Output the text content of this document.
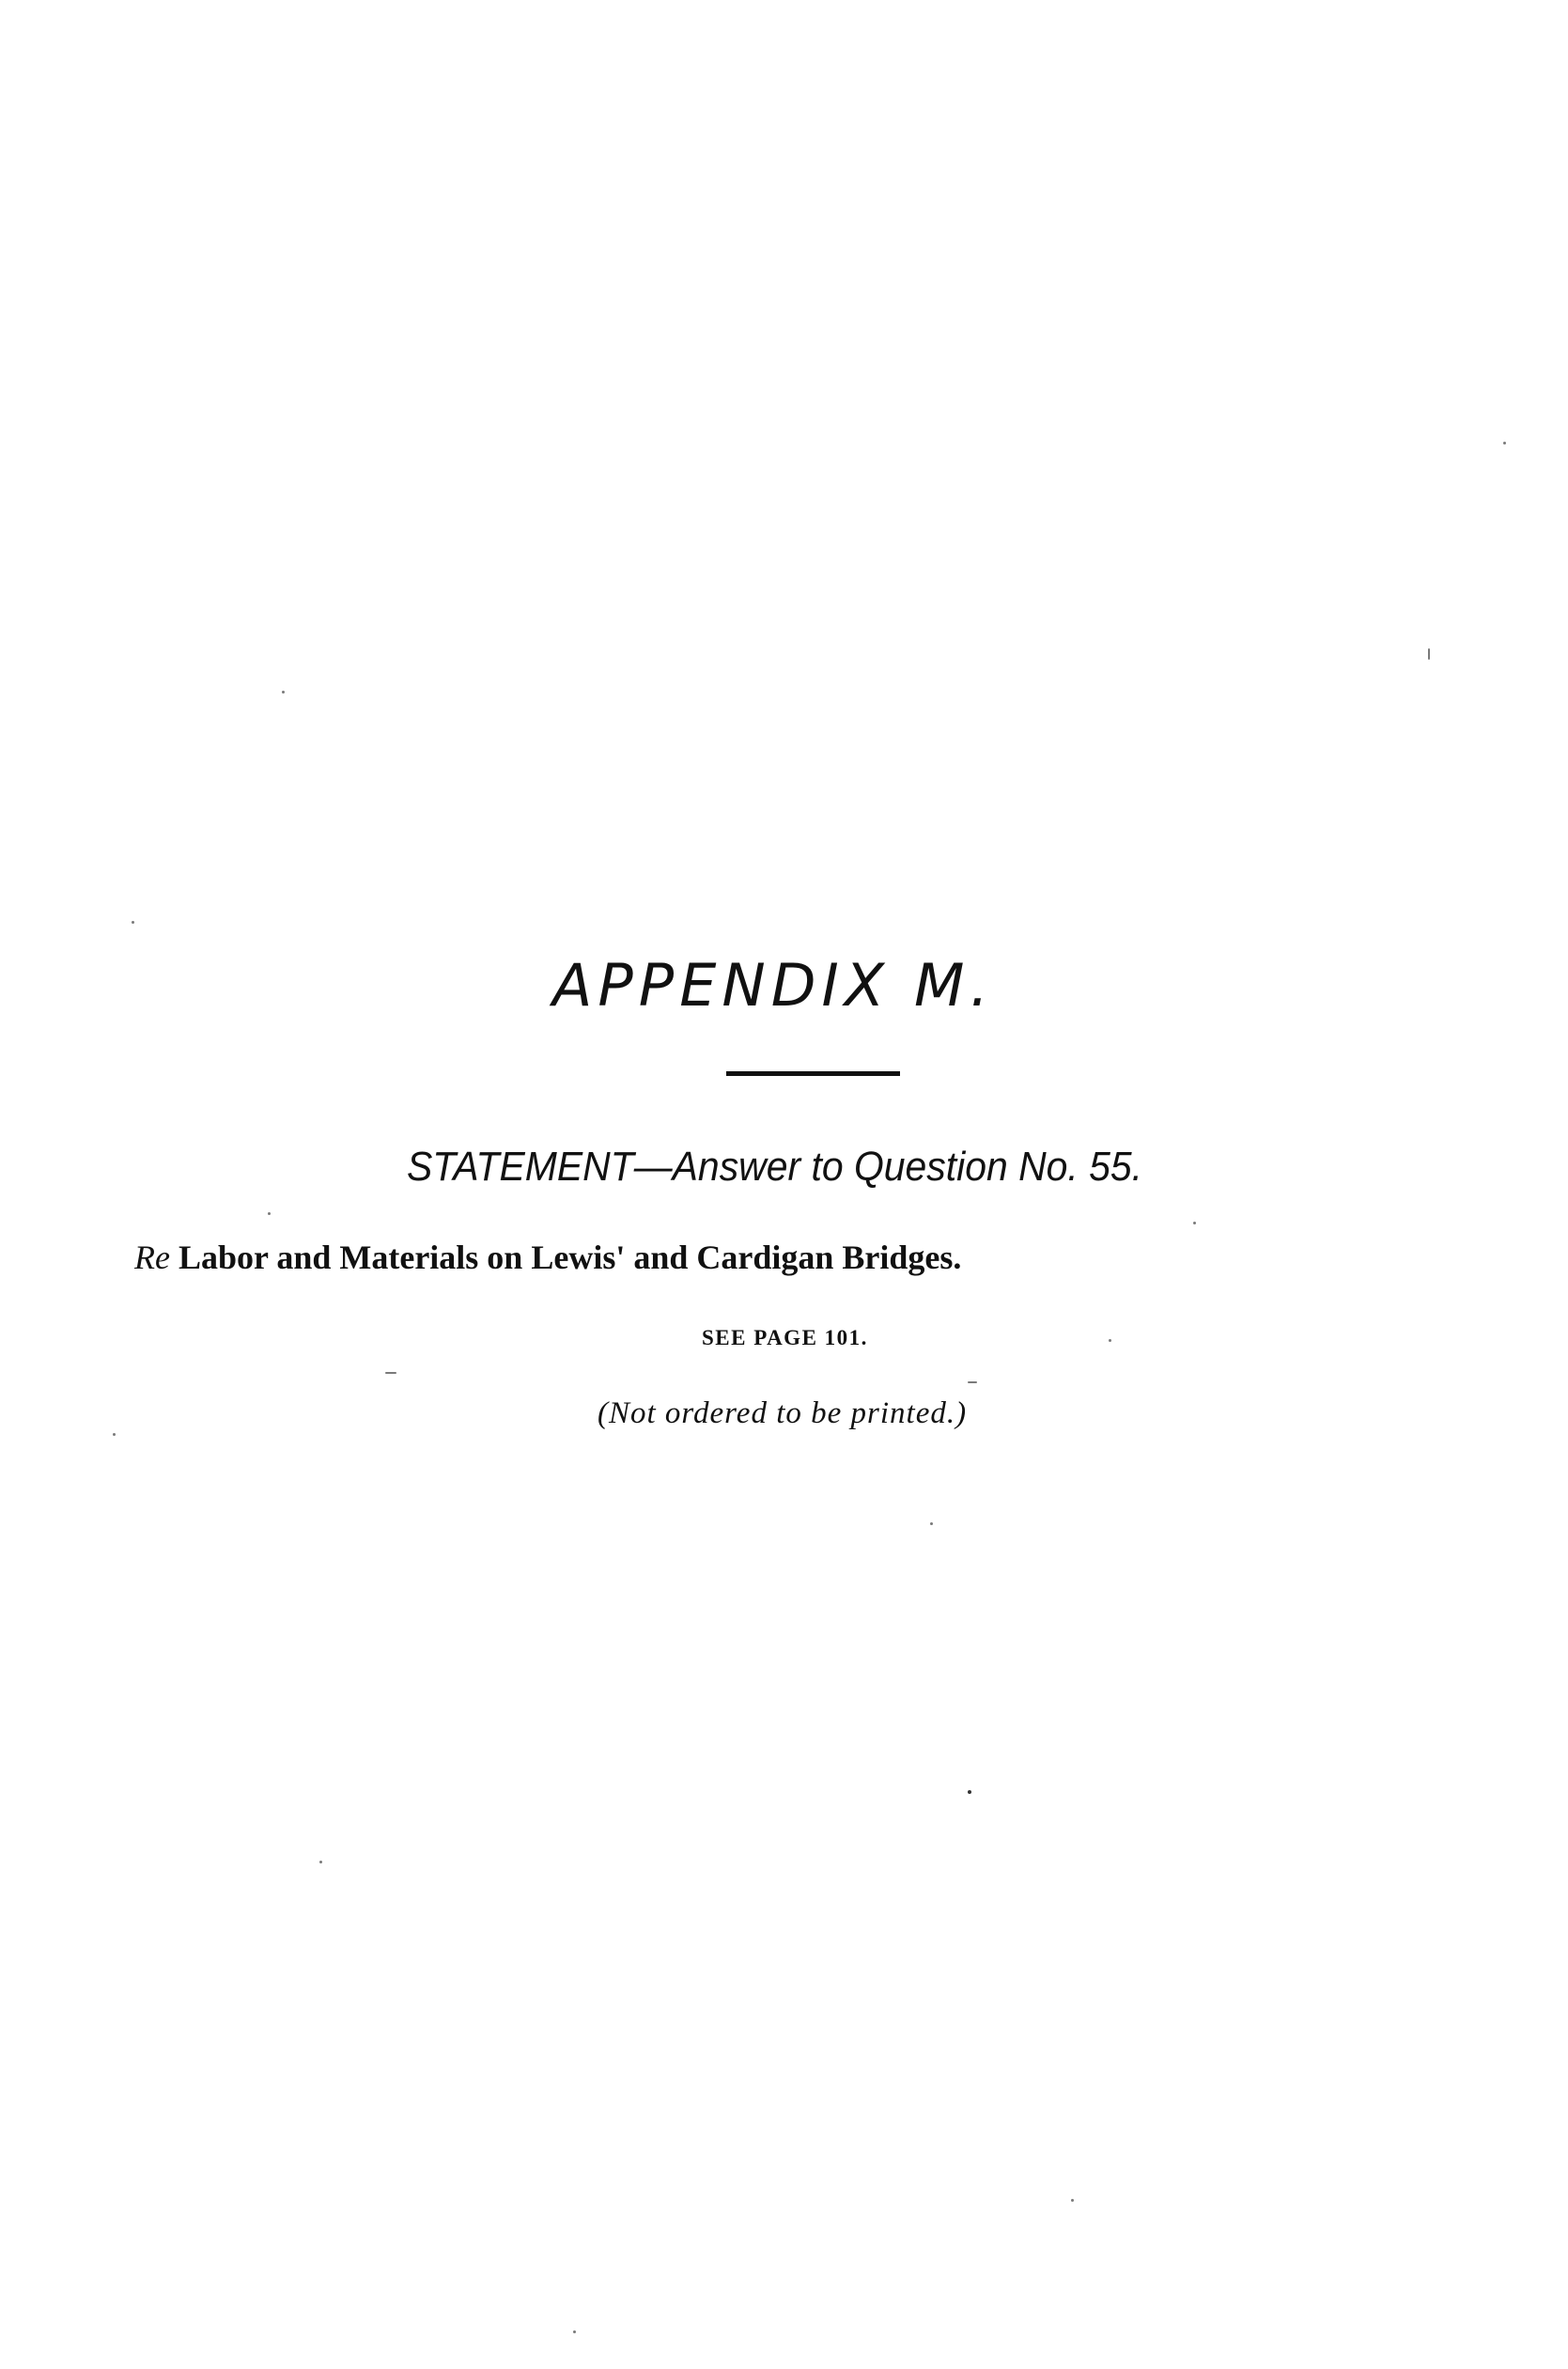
APPENDIX M.
STATEMENT—Answer to Question No. 55.
Re Labor and Materials on Lewis' and Cardigan Bridges.
SEE PAGE 101.
(Not ordered to be printed.)
